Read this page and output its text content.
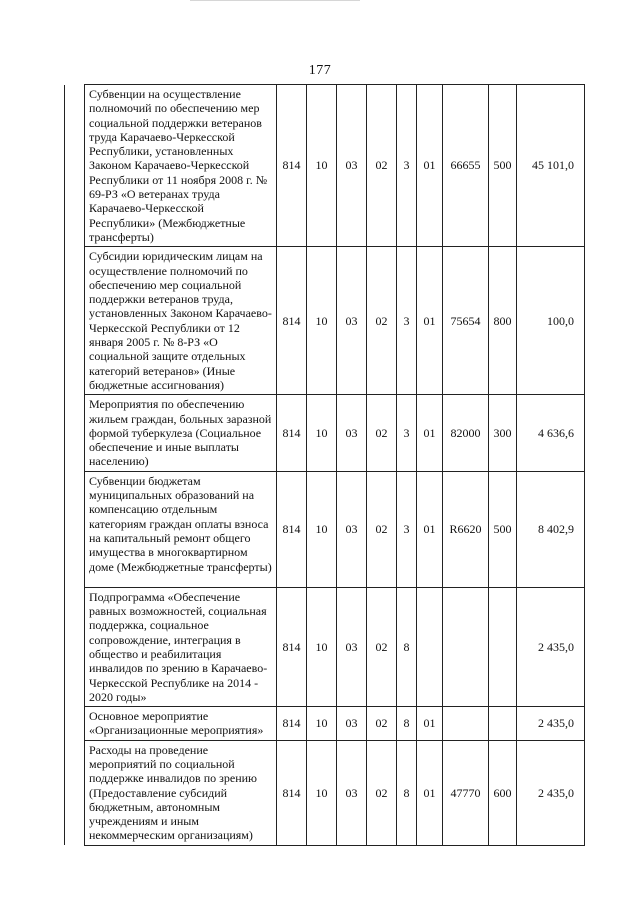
177
	Субвенции на осуществление полномочий по обеспечению мер социальной поддержки ветеранов труда Карачаево-Черкесской Республики, установленных Законом Карачаево-Черкесской Республики от 11 ноября 2008 г. № 69-РЗ «О ветеранах труда Карачаево-Черкесской Республики» (Межбюджетные трансферты)	814	10	03	02	3	01	66655	500	45 101,0
	Субсидии юридическим лицам на осуществление полномочий по обеспечению мер социальной поддержки ветеранов труда, установленных Законом Карачаево-Черкесской Республики от 12 января 2005 г. № 8-РЗ «О социальной защите отдельных категорий ветеранов» (Иные бюджетные ассигнования)	814	10	03	02	3	01	75654	800	100,0
	Мероприятия по обеспечению жильем граждан, больных заразной формой туберкулеза (Социальное обеспечение и иные выплаты населению)	814	10	03	02	3	01	82000	300	4 636,6
	Субвенции бюджетам муниципальных образований на компенсацию отдельным категориям граждан оплаты взноса на капитальный ремонт общего имущества в многоквартирном доме (Межбюджетные трансферты)	814	10	03	02	3	01	R6620	500	8 402,9
	Подпрограмма «Обеспечение равных возможностей, социальная поддержка, социальное сопровождение, интеграция в общество и реабилитация инвалидов по зрению в Карачаево-Черкесской Республике на 2014 - 2020 годы»	814	10	03	02	8				2 435,0
	Основное мероприятие «Организационные мероприятия»	814	10	03	02	8	01			2 435,0
	Расходы на проведение мероприятий по социальной поддержке инвалидов по зрению (Предоставление субсидий бюджетным, автономным учреждениям и иным некоммерческим организациям)	814	10	03	02	8	01	47770	600	2 435,0
